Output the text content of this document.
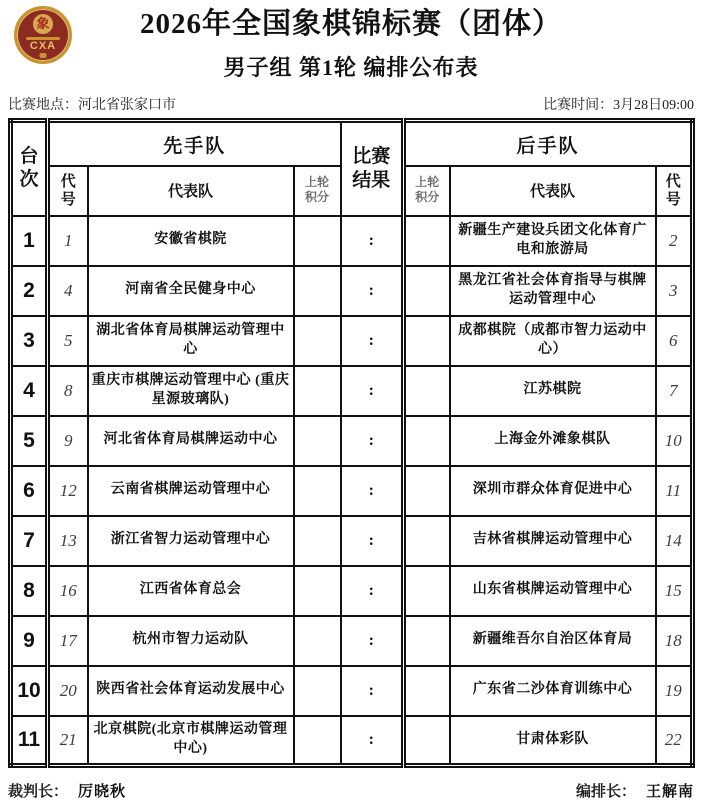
象
CXA
2026年全国象棋锦标赛（团体）
男子组 第1轮 编排公布表
比赛地点：河北省张家口市	比赛时间：3月28日09:00
台次	先手队			比赛结果	后手队		
	代号	代表队	上轮积分		上轮积分	代表队	代号
1	1	安徽省棋院		:		新疆生产建设兵团文化体育广电和旅游局	2
2	4	河南省全民健身中心		:		黑龙江省社会体育指导与棋牌运动管理中心	3
3	5	湖北省体育局棋牌运动管理中心		:		成都棋院（成都市智力运动中心）	6
4	8	重庆市棋牌运动管理中心 (重庆星源玻璃队)		:		江苏棋院	7
5	9	河北省体育局棋牌运动中心		:		上海金外滩象棋队	10
6	12	云南省棋牌运动管理中心		:		深圳市群众体育促进中心	11
7	13	浙江省智力运动管理中心		:		吉林省棋牌运动管理中心	14
8	16	江西省体育总会		:		山东省棋牌运动管理中心	15
9	17	杭州市智力运动队		:		新疆维吾尔自治区体育局	18
10	20	陕西省社会体育运动发展中心		:		广东省二沙体育训练中心	19
11	21	北京棋院(北京市棋牌运动管理中心)		:		甘肃体彩队	22
裁判长： 厉晓秋	编排长： 王解南
